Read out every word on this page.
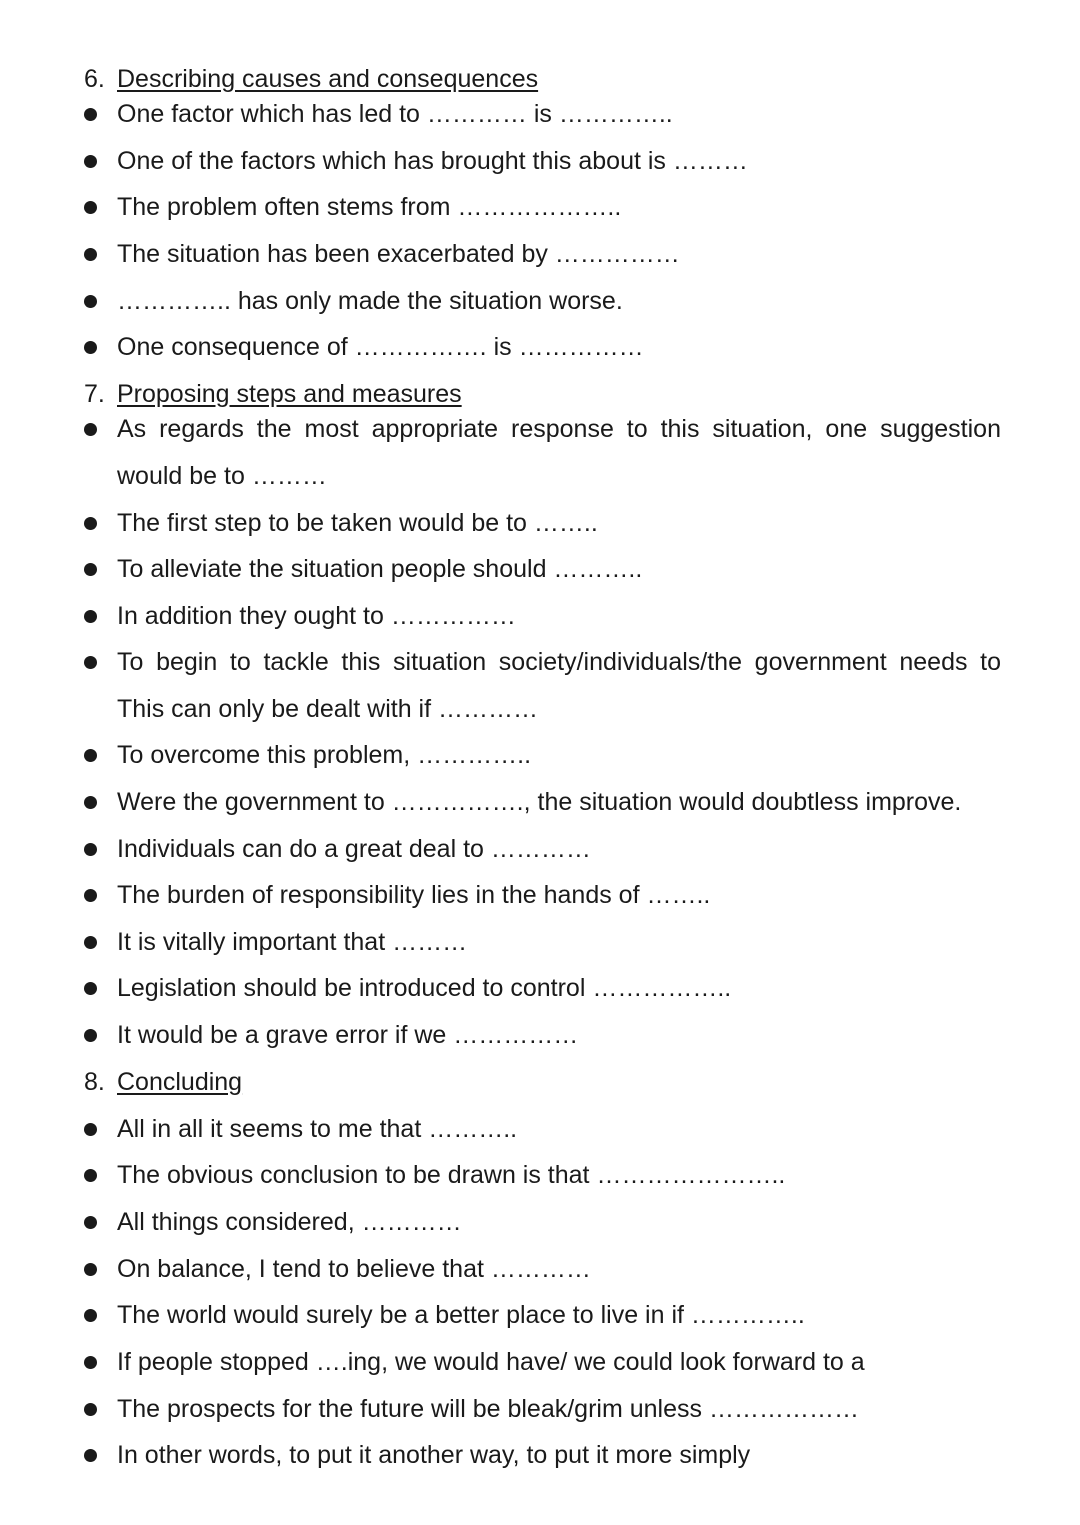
6. Describing causes and consequences
One factor which has led to ………… is …………..
One of the factors which has brought this about is ………
The problem often stems from ………………..
The situation has been exacerbated by ……………
………….. has only made the situation worse.
One consequence of ……………. is ……………
7. Proposing steps and measures
As regards the most appropriate response to this situation, one suggestion
would be to ………
The first step to be taken would be to ……..
To alleviate the situation people should ………..
In addition they ought to ……………
To begin to tackle this situation society/individuals/the government needs to
This can only be dealt with if …………
To overcome this problem, …………..
Were the government to ……………., the situation would doubtless improve.
Individuals can do a great deal to …………
The burden of responsibility lies in the hands of ……..
It is vitally important that ………
Legislation should be introduced to control ……………..
It would be a grave error if we ……………
8. Concluding
All in all it seems to me that ………..
The obvious conclusion to be drawn is that …………………..
All things considered, …………
On balance, I tend to believe that …………
The world would surely be a better place to live in if …………..
If people stopped ….ing, we would have/ we could look forward to a
The prospects for the future will be bleak/grim unless ………………
In other words, to put it another way, to put it more simply
